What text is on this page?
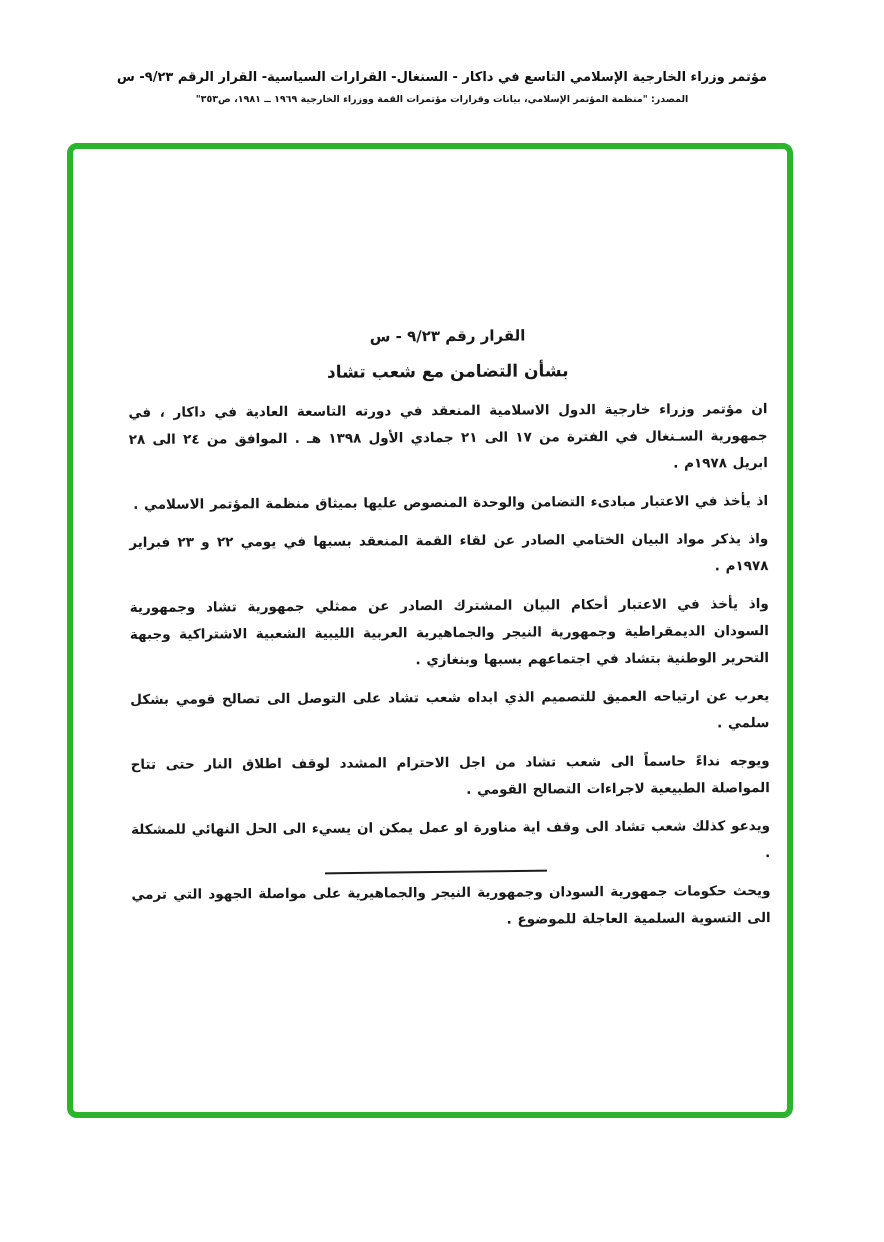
مؤتمر وزراء الخارجية الإسلامي التاسع في داكار - السنغال- القرارات السياسية- القرار الرقم ٩/٢٣- س
المصدر: "منظمة المؤتمر الإسلامي، بيانات وقرارات مؤتمرات القمة ووزراء الخارجية ١٩٦٩ ــ ١٩٨١، ص٣٥٣"
القرار رقم ٩/٢٣ - س
بشأن التضامن مع شعب تشاد
ان مؤتمر وزراء خارجية الدول الاسلامية المنعقد في دورته التاسعة العادية في داكار ، في جمهورية السـنغال في الفترة من ١٧ الى ٢١ جمادي الأول ١٣٩٨ هـ . الموافق من ٢٤ الى ٢٨ ابريل ١٩٧٨م .
اذ يأخذ في الاعتبار مبادىء التضامن والوحدة المنصوص عليها بميثاق منظمة المؤتمر الاسلامي .
واذ يذكر مواد البيان الختامي الصادر عن لقاء القمة المنعقد بسبها في يومي ٢٢ و ٢٣ فبراير ١٩٧٨م .
واذ يأخذ في الاعتبار أحكام البيان المشترك الصادر عن ممثلي جمهورية تشاد وجمهورية السودان الديمقراطية وجمهورية النيجر والجماهيرية العربية الليبية الشعبية الاشتراكية وجبهة التحرير الوطنية بتشاد في اجتماعهم بسبها وبنغازي .
يعرب عن ارتياحه العميق للتصميم الذي ابداه شعب تشاد على التوصل الى تصالح قومي بشكل سلمي .
ويوجه نداءً حاسماً الى شعب تشاد من اجل الاحترام المشدد لوقف اطلاق النار حتى تتاح المواصلة الطبيعية لاجراءات التصالح القومي .
ويدعو كذلك شعب تشاد الى وقف اية مناورة او عمل يمكن ان يسيء الى الحل النهائي للمشكلة .
ويحث حكومات جمهورية السودان وجمهورية النيجر والجماهيرية على مواصلة الجهود التي ترمي الى التسوية السلمية العاجلة للموضوع .
